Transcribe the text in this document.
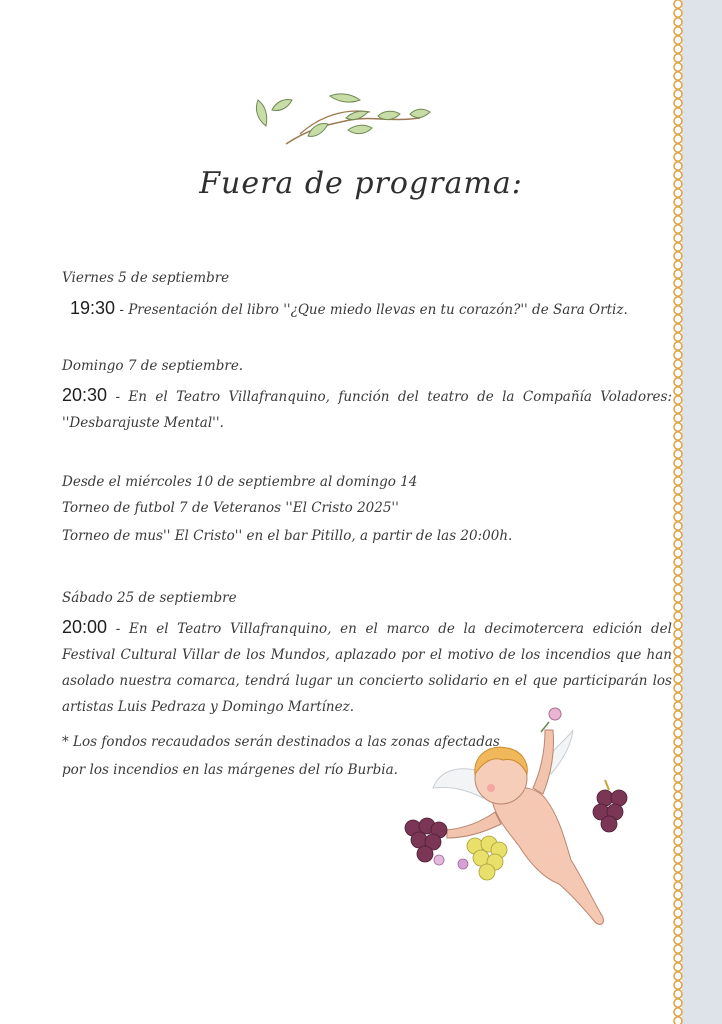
Fuera de programa:
Viernes 5 de septiembre
19:30 - Presentación del libro ''¿Que miedo llevas en tu corazón?'' de Sara Ortiz.
Domingo 7 de septiembre.
20:30 - En el Teatro Villafranquino, función del teatro de la Compañía Voladores: ''Desbarajuste Mental''.
Desde el miércoles 10 de septiembre al domingo 14
Torneo de futbol 7 de Veteranos ''El Cristo 2025''
Torneo de mus'' El Cristo'' en el bar Pitillo, a partir de las 20:00h.
Sábado 25 de septiembre
20:00 - En el Teatro Villafranquino, en el marco de la decimotercera edición del Festival Cultural Villar de los Mundos, aplazado por el motivo de los incendios que han asolado nuestra comarca, tendrá lugar un concierto solidario en el que participarán los artistas Luis Pedraza y Domingo Martínez.
* Los fondos recaudados serán destinados a las zonas afectadas
por los incendios en las márgenes del río Burbia.
